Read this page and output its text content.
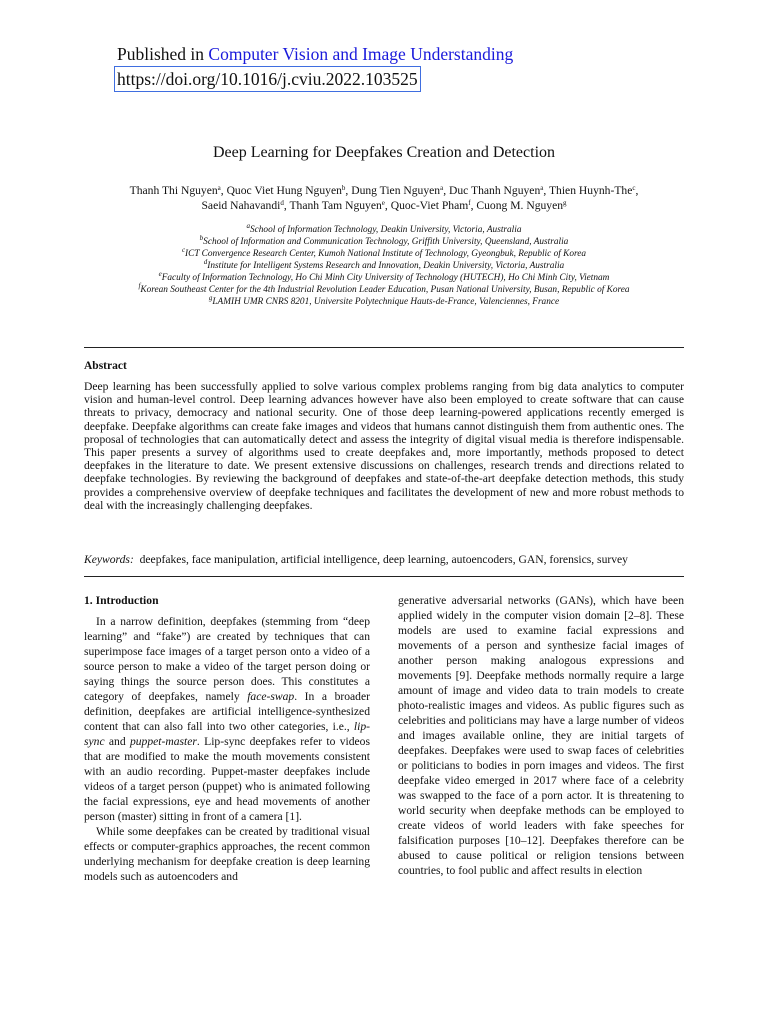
Published in Computer Vision and Image Understanding
https://doi.org/10.1016/j.cviu.2022.103525
Deep Learning for Deepfakes Creation and Detection
Thanh Thi Nguyen$^a$, Quoc Viet Hung Nguyen$^b$, Dung Tien Nguyen$^a$, Duc Thanh Nguyen$^a$, Thien Huynh-The$^c$,
Saeid Nahavandi$^d$, Thanh Tam Nguyen$^e$, Quoc-Viet Pham$^f$, Cuong M. Nguyen$^g$
$^a$School of Information Technology, Deakin University, Victoria, Australia
$^b$School of Information and Communication Technology, Griffith University, Queensland, Australia
$^c$ICT Convergence Research Center, Kumoh National Institute of Technology, Gyeongbuk, Republic of Korea
$^d$Institute for Intelligent Systems Research and Innovation, Deakin University, Victoria, Australia
$^e$Faculty of Information Technology, Ho Chi Minh City University of Technology (HUTECH), Ho Chi Minh City, Vietnam
$^f$Korean Southeast Center for the 4th Industrial Revolution Leader Education, Pusan National University, Busan, Republic of Korea
$^g$LAMIH UMR CNRS 8201, Universite Polytechnique Hauts-de-France, Valenciennes, France
Abstract
Deep learning has been successfully applied to solve various complex problems ranging from big data analytics to computer vision and human-level control. Deep learning advances however have also been employed to create software that can cause threats to privacy, democracy and national security. One of those deep learning-powered applications recently emerged is deepfake. Deepfake algorithms can create fake images and videos that humans cannot distinguish them from authentic ones. The proposal of technologies that can automatically detect and assess the integrity of digital visual media is therefore indispensable. This paper presents a survey of algorithms used to create deepfakes and, more importantly, methods proposed to detect deepfakes in the literature to date. We present extensive discussions on challenges, research trends and directions related to deepfake technologies. By reviewing the background of deepfakes and state-of-the-art deepfake detection methods, this study provides a comprehensive overview of deepfake techniques and facilitates the development of new and more robust methods to deal with the increasingly challenging deepfakes.
Keywords: deepfakes, face manipulation, artificial intelligence, deep learning, autoencoders, GAN, forensics, survey
1. Introduction

In a narrow definition, deepfakes (stemming from “deep learning” and “fake”) are created by techniques that can superimpose face images of a target person onto a video of a source person to make a video of the target person doing or saying things the source person does. This constitutes a category of deepfakes, namely face-swap. In a broader definition, deepfakes are artificial intelligence-synthesized content that can also fall into two other categories, i.e., lip-sync and puppet-master. Lip-sync deepfakes refer to videos that are modified to make the mouth movements consistent with an audio recording. Puppet-master deepfakes include videos of a target person (puppet) who is animated following the facial expressions, eye and head movements of another person (master) sitting in front of a camera [1].

While some deepfakes can be created by traditional visual effects or computer-graphics approaches, the recent common underlying mechanism for deepfake creation is deep learning models such as autoencoders and

generative adversarial networks (GANs), which have been applied widely in the computer vision domain [2–8]. These models are used to examine facial expressions and movements of a person and synthesize facial images of another person making analogous expressions and movements [9]. Deepfake methods normally require a large amount of image and video data to train models to create photo-realistic images and videos. As public figures such as celebrities and politicians may have a large number of videos and images available online, they are initial targets of deepfakes. Deepfakes were used to swap faces of celebrities or politicians to bodies in porn images and videos. The first deepfake video emerged in 2017 where face of a celebrity was swapped to the face of a porn actor. It is threatening to world security when deepfake methods can be employed to create videos of world leaders with fake speeches for falsification purposes [10–12]. Deepfakes therefore can be abused to cause political or religion tensions between countries, to fool public and affect results in election
